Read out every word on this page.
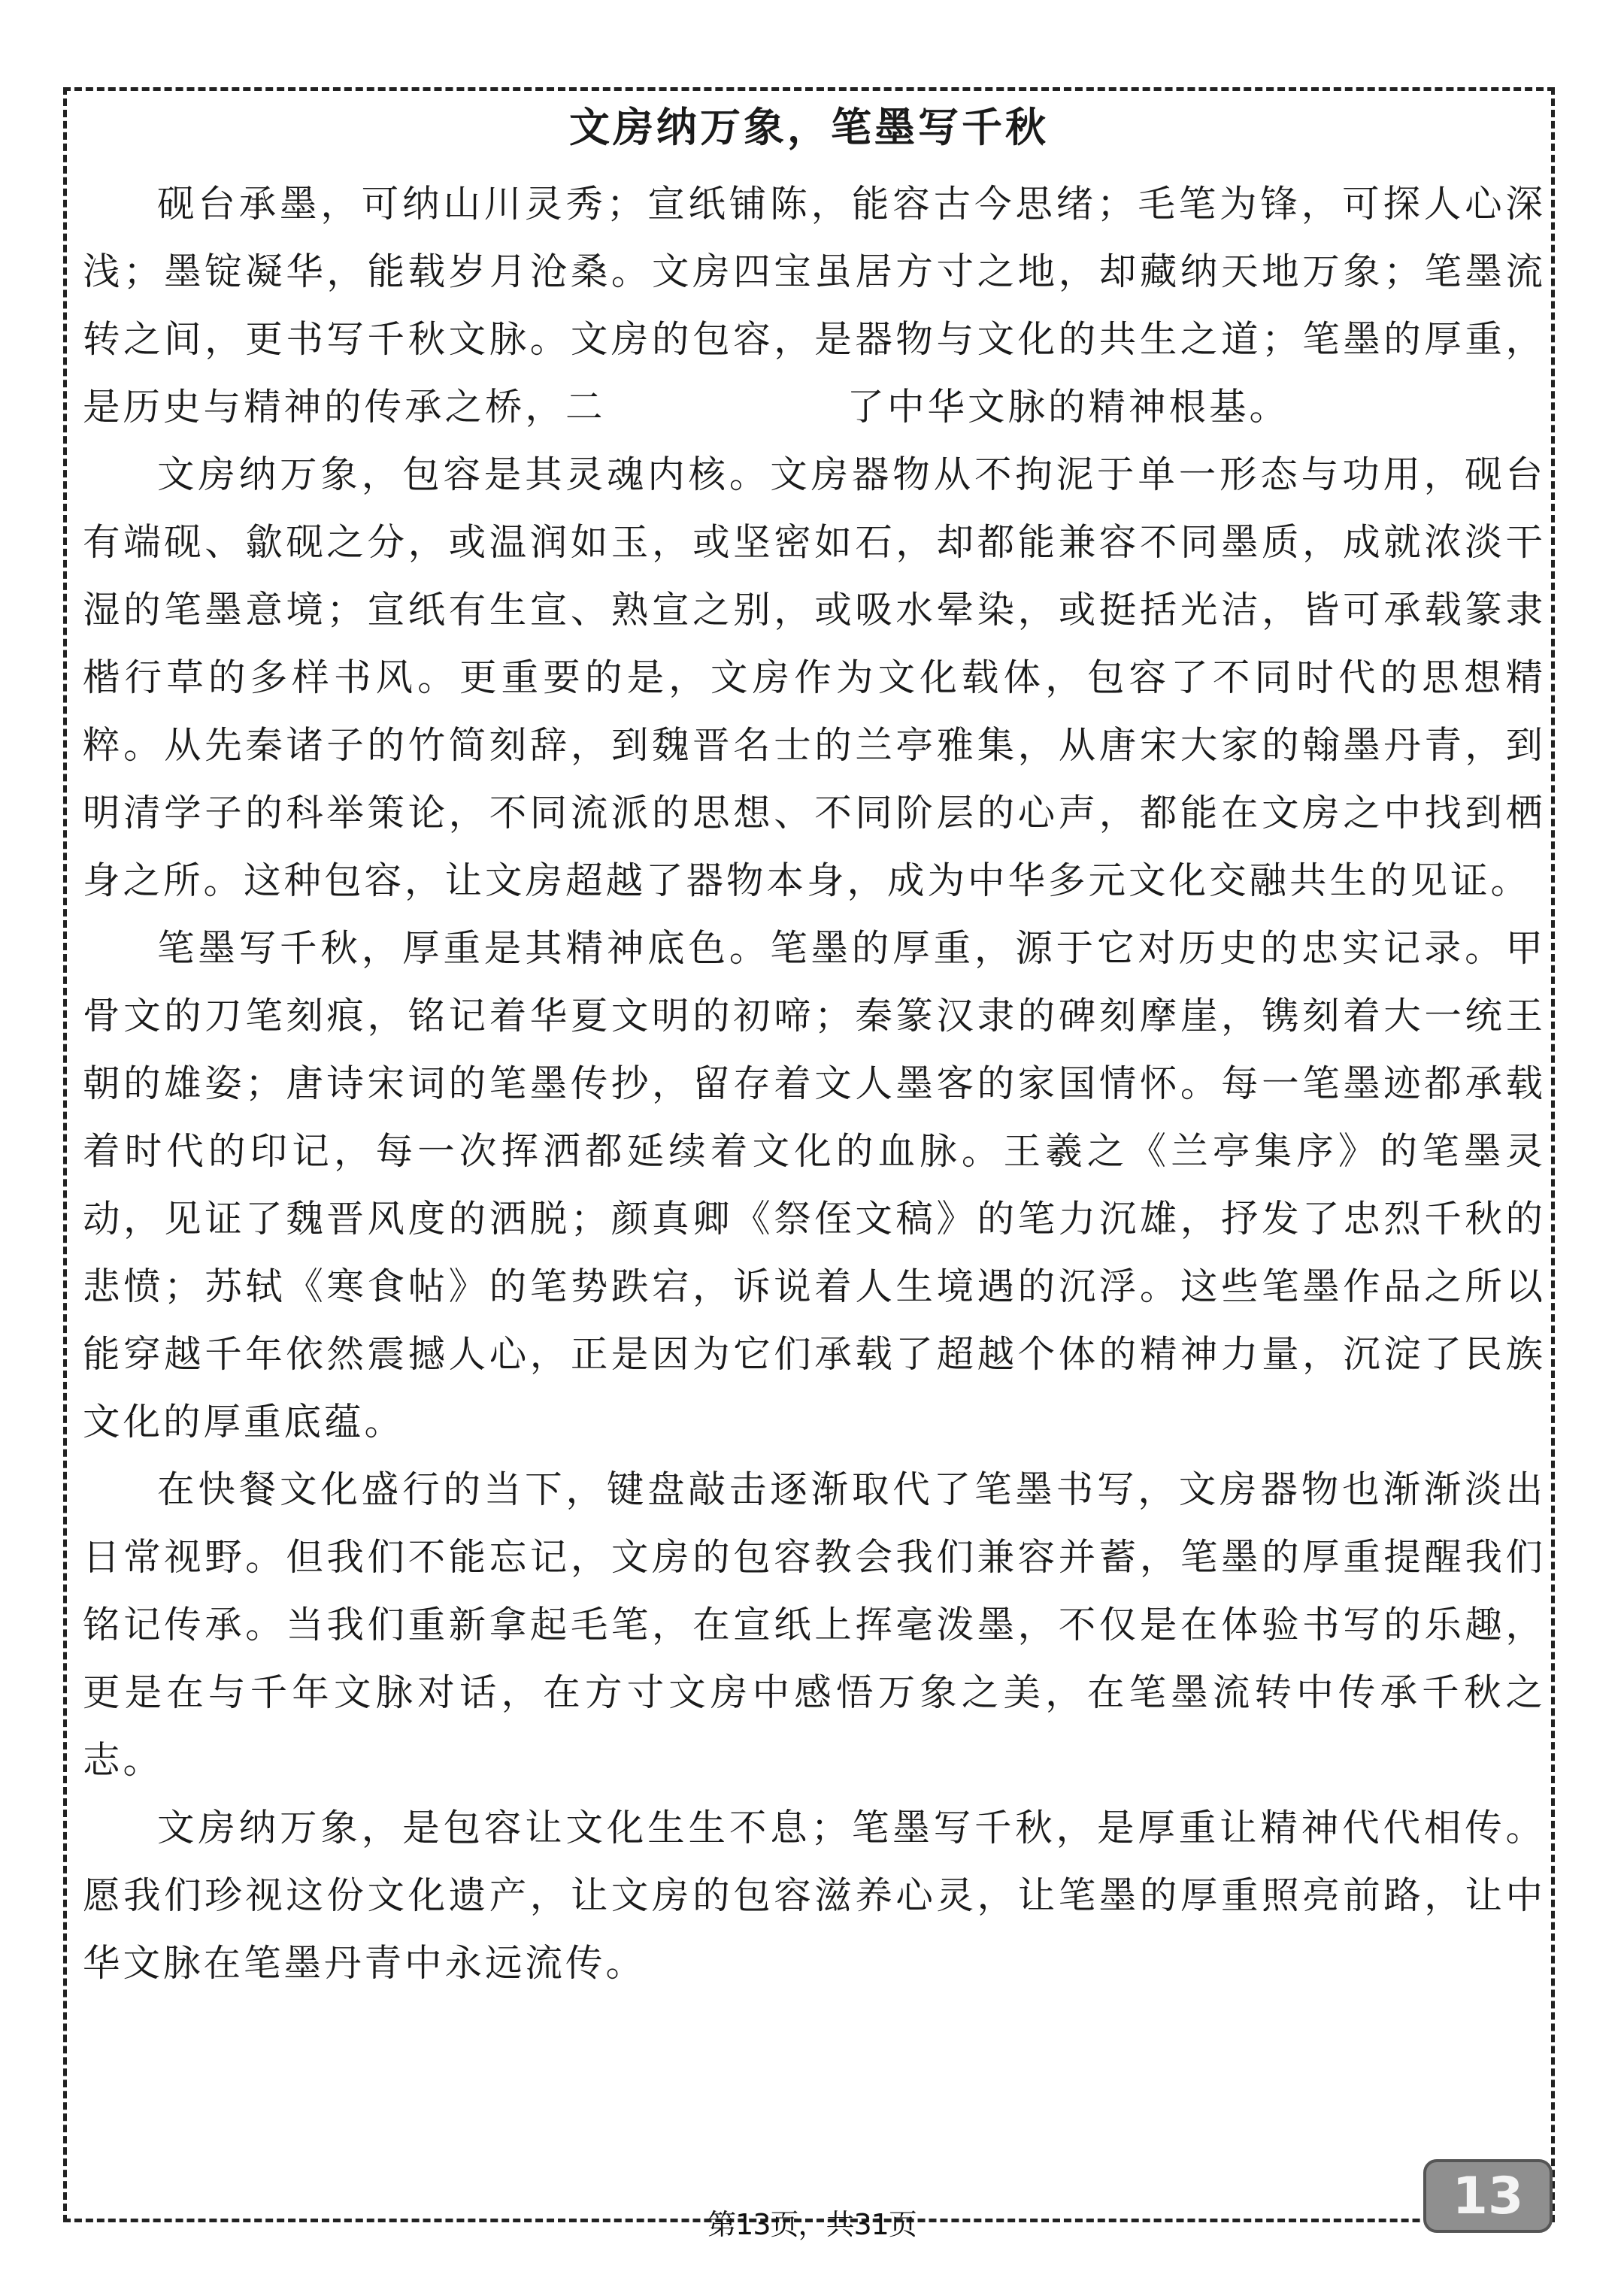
文房纳万象，笔墨写千秋

砚台承墨，可纳山川灵秀；宣纸铺陈，能容古今思绪；毛笔为锋，可探人心深浅；墨锭凝华，能载岁月沧桑。文房四宝虽居方寸之地，却藏纳天地万象；笔墨流转之间，更书写千秋文脉。文房的包容，是器物与文化的共生之道；笔墨的厚重，是历史与精神的传承之桥，二　　　　　　了中华文脉的精神根基。

文房纳万象，包容是其灵魂内核。文房器物从不拘泥于单一形态与功用，砚台有端砚、歙砚之分，或温润如玉，或坚密如石，却都能兼容不同墨质，成就浓淡干湿的笔墨意境；宣纸有生宣、熟宣之别，或吸水晕染，或挺括光洁，皆可承载篆隶楷行草的多样书风。更重要的是，文房作为文化载体，包容了不同时代的思想精粹。从先秦诸子的竹简刻辞，到魏晋名士的兰亭雅集，从唐宋大家的翰墨丹青，到明清学子的科举策论，不同流派的思想、不同阶层的心声，都能在文房之中找到栖身之所。这种包容，让文房超越了器物本身，成为中华多元文化交融共生的见证。

笔墨写千秋，厚重是其精神底色。笔墨的厚重，源于它对历史的忠实记录。甲骨文的刀笔刻痕，铭记着华夏文明的初啼；秦篆汉隶的碑刻摩崖，镌刻着大一统王朝的雄姿；唐诗宋词的笔墨传抄，留存着文人墨客的家国情怀。每一笔墨迹都承载着时代的印记，每一次挥洒都延续着文化的血脉。王羲之《兰亭集序》的笔墨灵动，见证了魏晋风度的洒脱；颜真卿《祭侄文稿》的笔力沉雄，抒发了忠烈千秋的悲愤；苏轼《寒食帖》的笔势跌宕，诉说着人生境遇的沉浮。这些笔墨作品之所以能穿越千年依然震撼人心，正是因为它们承载了超越个体的精神力量，沉淀了民族文化的厚重底蕴。

在快餐文化盛行的当下，键盘敲击逐渐取代了笔墨书写，文房器物也渐渐淡出日常视野。但我们不能忘记，文房的包容教会我们兼容并蓄，笔墨的厚重提醒我们铭记传承。当我们重新拿起毛笔，在宣纸上挥毫泼墨，不仅是在体验书写的乐趣，更是在与千年文脉对话，在方寸文房中感悟万象之美，在笔墨流转中传承千秋之志。

文房纳万象，是包容让文化生生不息；笔墨写千秋，是厚重让精神代代相传。愿我们珍视这份文化遗产，让文房的包容滋养心灵，让笔墨的厚重照亮前路，让中华文脉在笔墨丹青中永远流传。

13
第13页，共31页
